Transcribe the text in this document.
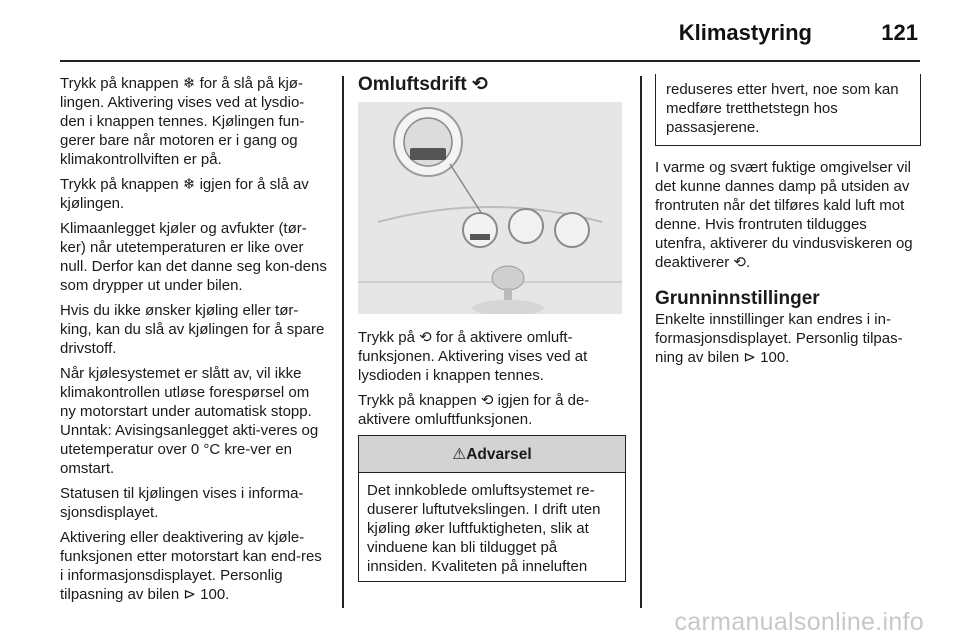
Klimastyring	121

Trykk på knappen ❄ for å slå på kjø-lingen. Aktivering vises ved at lysdio-den i knappen tennes. Kjølingen fun-gerer bare når motoren er i gang og klimakontrollviften er på.

Trykk på knappen ❄ igjen for å slå av kjølingen.

Klimaanlegget kjøler og avfukter (tør-ker) når utetemperaturen er like over null. Derfor kan det danne seg kon-dens som drypper ut under bilen.

Hvis du ikke ønsker kjøling eller tør-king, kan du slå av kjølingen for å spare drivstoff.

Når kjølesystemet er slått av, vil ikke klimakontrollen utløse forespørsel om ny motorstart under automatisk stopp. Unntak: Avisingsanlegget akti-veres og utetemperatur over 0 °C kre-ver en omstart.

Statusen til kjølingen vises i informa-sjonsdisplayet.

Aktivering eller deaktivering av kjøle-funksjonen etter motorstart kan end-res i informasjonsdisplayet. Personlig tilpasning av bilen ⊳ 100.

Omluftsdrift ⟲

Trykk på ⟲ for å aktivere omluft-funksjonen. Aktivering vises ved at lysdioden i knappen tennes.

Trykk på knappen ⟲ igjen for å de-aktivere omluftfunksjonen.

⚠Advarsel
Det innkoblede omluftsystemet re-duserer luftutvekslingen. I drift uten kjøling øker luftfuktigheten, slik at vinduene kan bli tildugget på innsiden. Kvaliteten på inneluften
reduseres etter hvert, noe som kan medføre tretthetstegn hos passasjerene.

I varme og svært fuktige omgivelser vil det kunne dannes damp på utsiden av frontruten når det tilføres kald luft mot denne. Hvis frontruten tildugges utenfra, aktiverer du vindusviskeren og deaktiverer ⟲.

Grunninnstillinger

Enkelte innstillinger kan endres i in-formasjonsdisplayet. Personlig tilpas-ning av bilen ⊳ 100.

carmanualsonline.info
